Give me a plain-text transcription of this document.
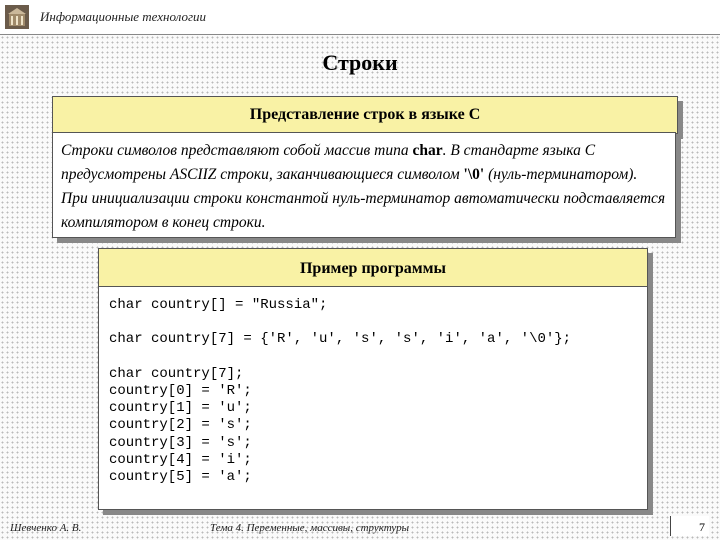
Информационные технологии
Строки
Представление строк в языке С
Строки символов представляют собой массив типа char. В стандарте языка С предусмотрены ASCIIZ строки, заканчивающиеся символом '\0' (нуль-терминатором). При инициализации строки константой нуль-терминатор автоматически подставляется компилятором в конец строки.
Пример программы
char country[] = "Russia";
char country[7] = {'R', 'u', 's', 's', 'i', 'a', '\0'};
char country[7];
country[0] = 'R';
country[1] = 'u';
country[2] = 's';
country[3] = 's';
country[4] = 'i';
country[5] = 'a';
Шевченко А. В.	Тема 4. Переменные, массивы, структуры	7
